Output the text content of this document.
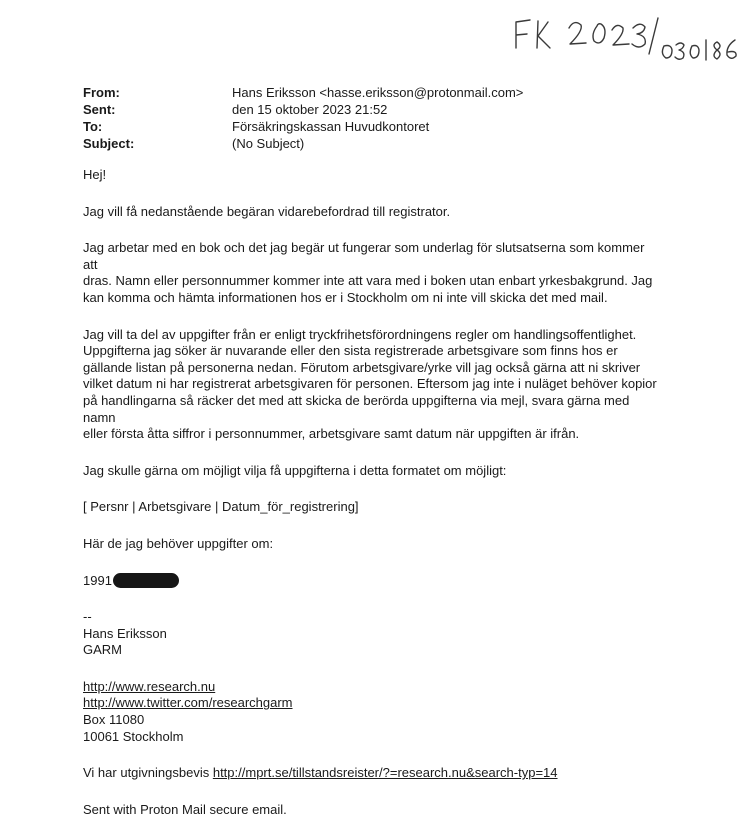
From:	Hans Eriksson <hasse.eriksson@protonmail.com>
Sent:	den 15 oktober 2023 21:52
To:	Försäkringskassan Huvudkontoret
Subject:	(No Subject)

Hej!

Jag vill få nedanstående begäran vidarebefordrad till registrator.

Jag arbetar med en bok och det jag begär ut fungerar som underlag för slutsatserna som kommer att
dras. Namn eller personnummer kommer inte att vara med i boken utan enbart yrkesbakgrund. Jag
kan komma och hämta informationen hos er i Stockholm om ni inte vill skicka det med mail.

Jag vill ta del av uppgifter från er enligt tryckfrihetsförordningens regler om handlingsoffentlighet.
Uppgifterna jag söker är nuvarande eller den sista registrerade arbetsgivare som finns hos er
gällande listan på personerna nedan. Förutom arbetsgivare/yrke vill jag också gärna att ni skriver
vilket datum ni har registrerat arbetsgivaren för personen. Eftersom jag inte i nuläget behöver kopior
på handlingarna så räcker det med att skicka de berörda uppgifterna via mejl, svara gärna med namn
eller första åtta siffror i personnummer, arbetsgivare samt datum när uppgiften är ifrån.

Jag skulle gärna om möjligt vilja få uppgifterna i detta formatet om möjligt:

[ Persnr | Arbetsgivare | Datum_för_registrering]

Här de jag behöver uppgifter om:

1991

--
Hans Eriksson
GARM

http://www.research.nu
http://www.twitter.com/researchgarm
Box 11080
10061 Stockholm

Vi har utgivningsbevis http://mprt.se/tillstandsreister/?=research.nu&search-typ=14

Sent with Proton Mail secure email.
